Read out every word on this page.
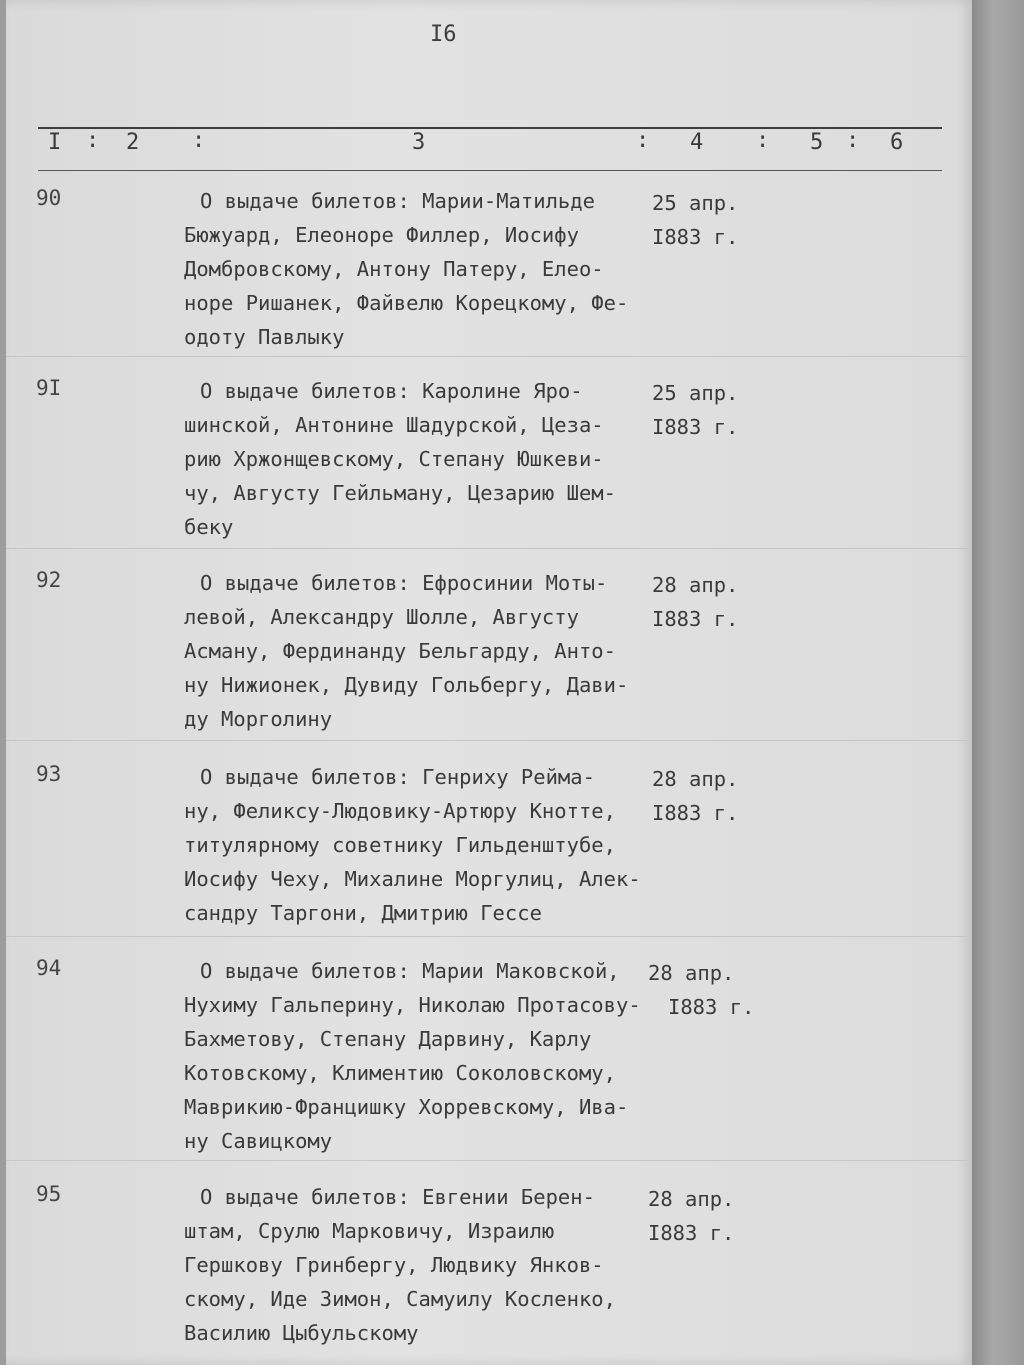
I6
I : 2 :	3	: 4 : 5 : 6
90	О выдаче билетов: Марии-Матильде
Бюжуард, Елеоноре Филлер, Иосифу
Домбровскому, Антону Патеру, Елео-
норе Ришанек, Файвелю Корецкому, Фе-
одоту Павлыку
25 апр.
I883 г.
9I	О выдаче билетов: Каролине Яро-
шинской, Антонине Шадурской, Цеза-
рию Хржонщевскому, Степану Юшкеви-
чу, Августу Гейльману, Цезарию Шем-
беку
25 апр.
I883 г.
92	О выдаче билетов: Ефросинии Моты-
левой, Александру Шолле, Августу
Асману, Фердинанду Бельгарду, Анто-
ну Нижионек, Дувиду Гольбергу, Дави-
ду Морголину
28 апр.
I883 г.
93	О выдаче билетов: Генриху Рейма-
ну, Феликсу-Людовику-Артюру Кнотте,
титулярному советнику Гильденштубе,
Иосифу Чеху, Михалине Моргулиц, Алек-
сандру Таргони, Дмитрию Гессе
28 апр.
I883 г.
94	О выдаче билетов: Марии Маковской,
Нухиму Гальперину, Николаю Протасову-
Бахметову, Степану Дарвину, Карлу
Котовскому, Климентию Соколовскому,
Маврикию-Францишку Хорревскому, Ива-
ну Савицкому
28 апр.
I883 г.
95	О выдаче билетов: Евгении Берен-
штам, Срулю Марковичу, Израилю
Гершкову Гринбергу, Людвику Янков-
скому, Иде Зимон, Самуилу Косленко,
Василию Цыбульскому
28 апр.
I883 г.
